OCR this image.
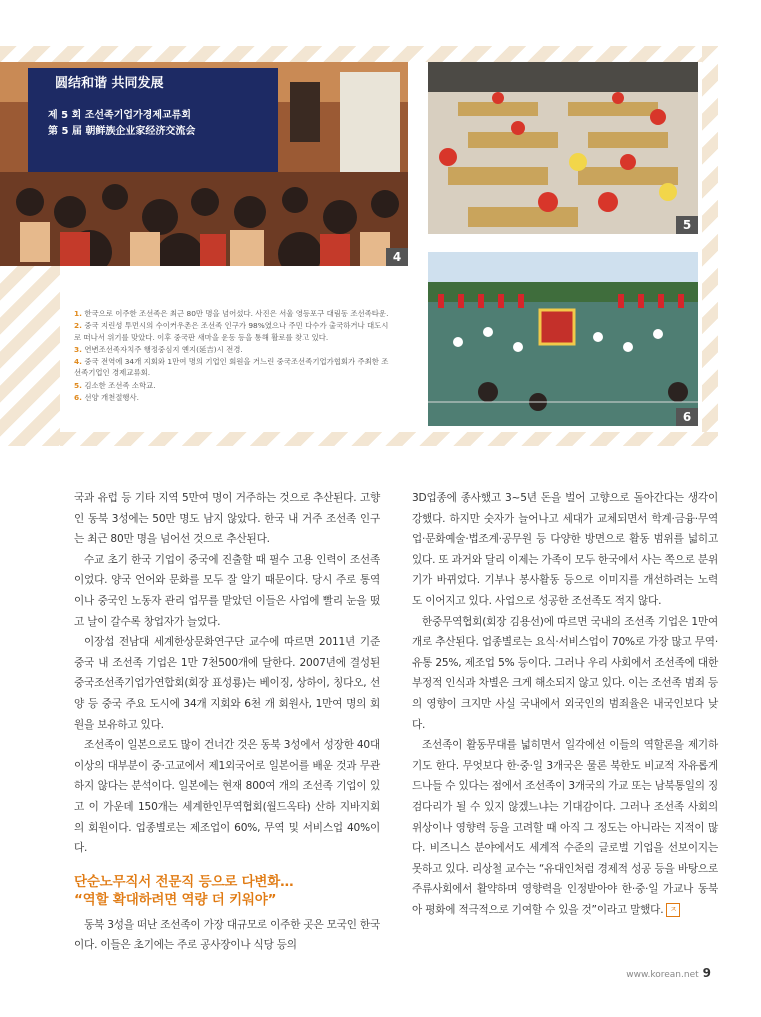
圆结和谐 共同发展
제 5 회 조선족기업가경제교류회
第 5 届 朝鲜族企业家经济交流会
4
5
6

1. 한국으로 이주한 조선족은 최근 80만 명을 넘어섰다. 사진은 서울 영등포구 대림동 조선족타운.

2. 중국 지린성 투먼시의 수이커우촌은 조선족 인구가 98%였으나 주민 다수가 출국하거나 대도시로 떠나서 위기를 맞았다. 이후 중국판 새마을 운동 등을 통해 활로를 찾고 있다.

3. 연변조선족자치주 행정중심지 옌지(延吉)시 전경.

4. 중국 전역에 34개 지회와 1만여 명의 기업인 회원을 거느린 중국조선족기업가협회가 주최한 조선족기업인 경제교류회.

5. 김소한 조선족 소학교.

6. 선양 개천절행사.

국과 유럽 등 기타 지역 5만여 명이 거주하는 것으로 추산된다. 고향인 동북 3성에는 50만 명도 남지 않았다. 한국 내 거주 조선족 인구는 최근 80만 명을 넘어선 것으로 추산된다.

수교 초기 한국 기업이 중국에 진출할 때 필수 고용 인력이 조선족이었다. 양국 언어와 문화를 모두 잘 알기 때문이다. 당시 주로 통역이나 중국인 노동자 관리 업무를 맡았던 이들은 사업에 빨리 눈을 떴고 날이 갈수록 창업자가 늘었다.

이장섭 전남대 세계한상문화연구단 교수에 따르면 2011년 기준 중국 내 조선족 기업은 1만 7천500개에 달한다. 2007년에 결성된 중국조선족기업가연합회(회장 표성룡)는 베이징, 상하이, 칭다오, 선양 등 중국 주요 도시에 34개 지회와 6천 개 회원사, 1만여 명의 회원을 보유하고 있다.

조선족이 일본으로도 많이 건너간 것은 동북 3성에서 성장한 40대 이상의 대부분이 중·고교에서 제1외국어로 일본어를 배운 것과 무관하지 않다는 분석이다. 일본에는 현재 800여 개의 조선족 기업이 있고 이 가운데 150개는 세계한인무역협회(월드옥타) 산하 지바지회의 회원이다. 업종별로는 제조업이 60%, 무역 및 서비스업 40%이다.

단순노무직서 전문직 등으로 다변화…
“역할 확대하려면 역량 더 키워야”

동북 3성을 떠난 조선족이 가장 대규모로 이주한 곳은 모국인 한국이다. 이들은 초기에는 주로 공사장이나 식당 등의

3D업종에 종사했고 3~5년 돈을 벌어 고향으로 돌아간다는 생각이 강했다. 하지만 숫자가 늘어나고 세대가 교체되면서 학계·금융·무역업·문화예술·법조계·공무원 등 다양한 방면으로 활동 범위를 넓히고 있다. 또 과거와 달리 이제는 가족이 모두 한국에서 사는 쪽으로 분위기가 바뀌었다. 기부나 봉사활동 등으로 이미지를 개선하려는 노력도 이어지고 있다. 사업으로 성공한 조선족도 적지 않다.

한중무역협회(회장 김용선)에 따르면 국내의 조선족 기업은 1만여 개로 추산된다. 업종별로는 요식·서비스업이 70%로 가장 많고 무역·유통 25%, 제조업 5% 등이다. 그러나 우리 사회에서 조선족에 대한 부정적 인식과 차별은 크게 해소되지 않고 있다. 이는 조선족 범죄 등의 영향이 크지만 사실 국내에서 외국인의 범죄율은 내국인보다 낮다.

조선족이 활동무대를 넓히면서 일각에선 이들의 역할론을 제기하기도 한다. 무엇보다 한·중·일 3개국은 물론 북한도 비교적 자유롭게 드나들 수 있다는 점에서 조선족이 3개국의 가교 또는 남북통일의 징검다리가 될 수 있지 않겠느냐는 기대감이다. 그러나 조선족 사회의 위상이나 영향력 등을 고려할 때 아직 그 정도는 아니라는 지적이 많다. 비즈니스 분야에서도 세계적 수준의 글로벌 기업을 선보이지는 못하고 있다. 리상철 교수는 “유대인처럼 경제적 성공 등을 바탕으로 주류사회에서 활약하며 영향력을 인정받아야 한·중·일 가교나 동북아 평화에 적극적으로 기여할 수 있을 것”이라고 말했다. ㅈ

www.korean.net 9
